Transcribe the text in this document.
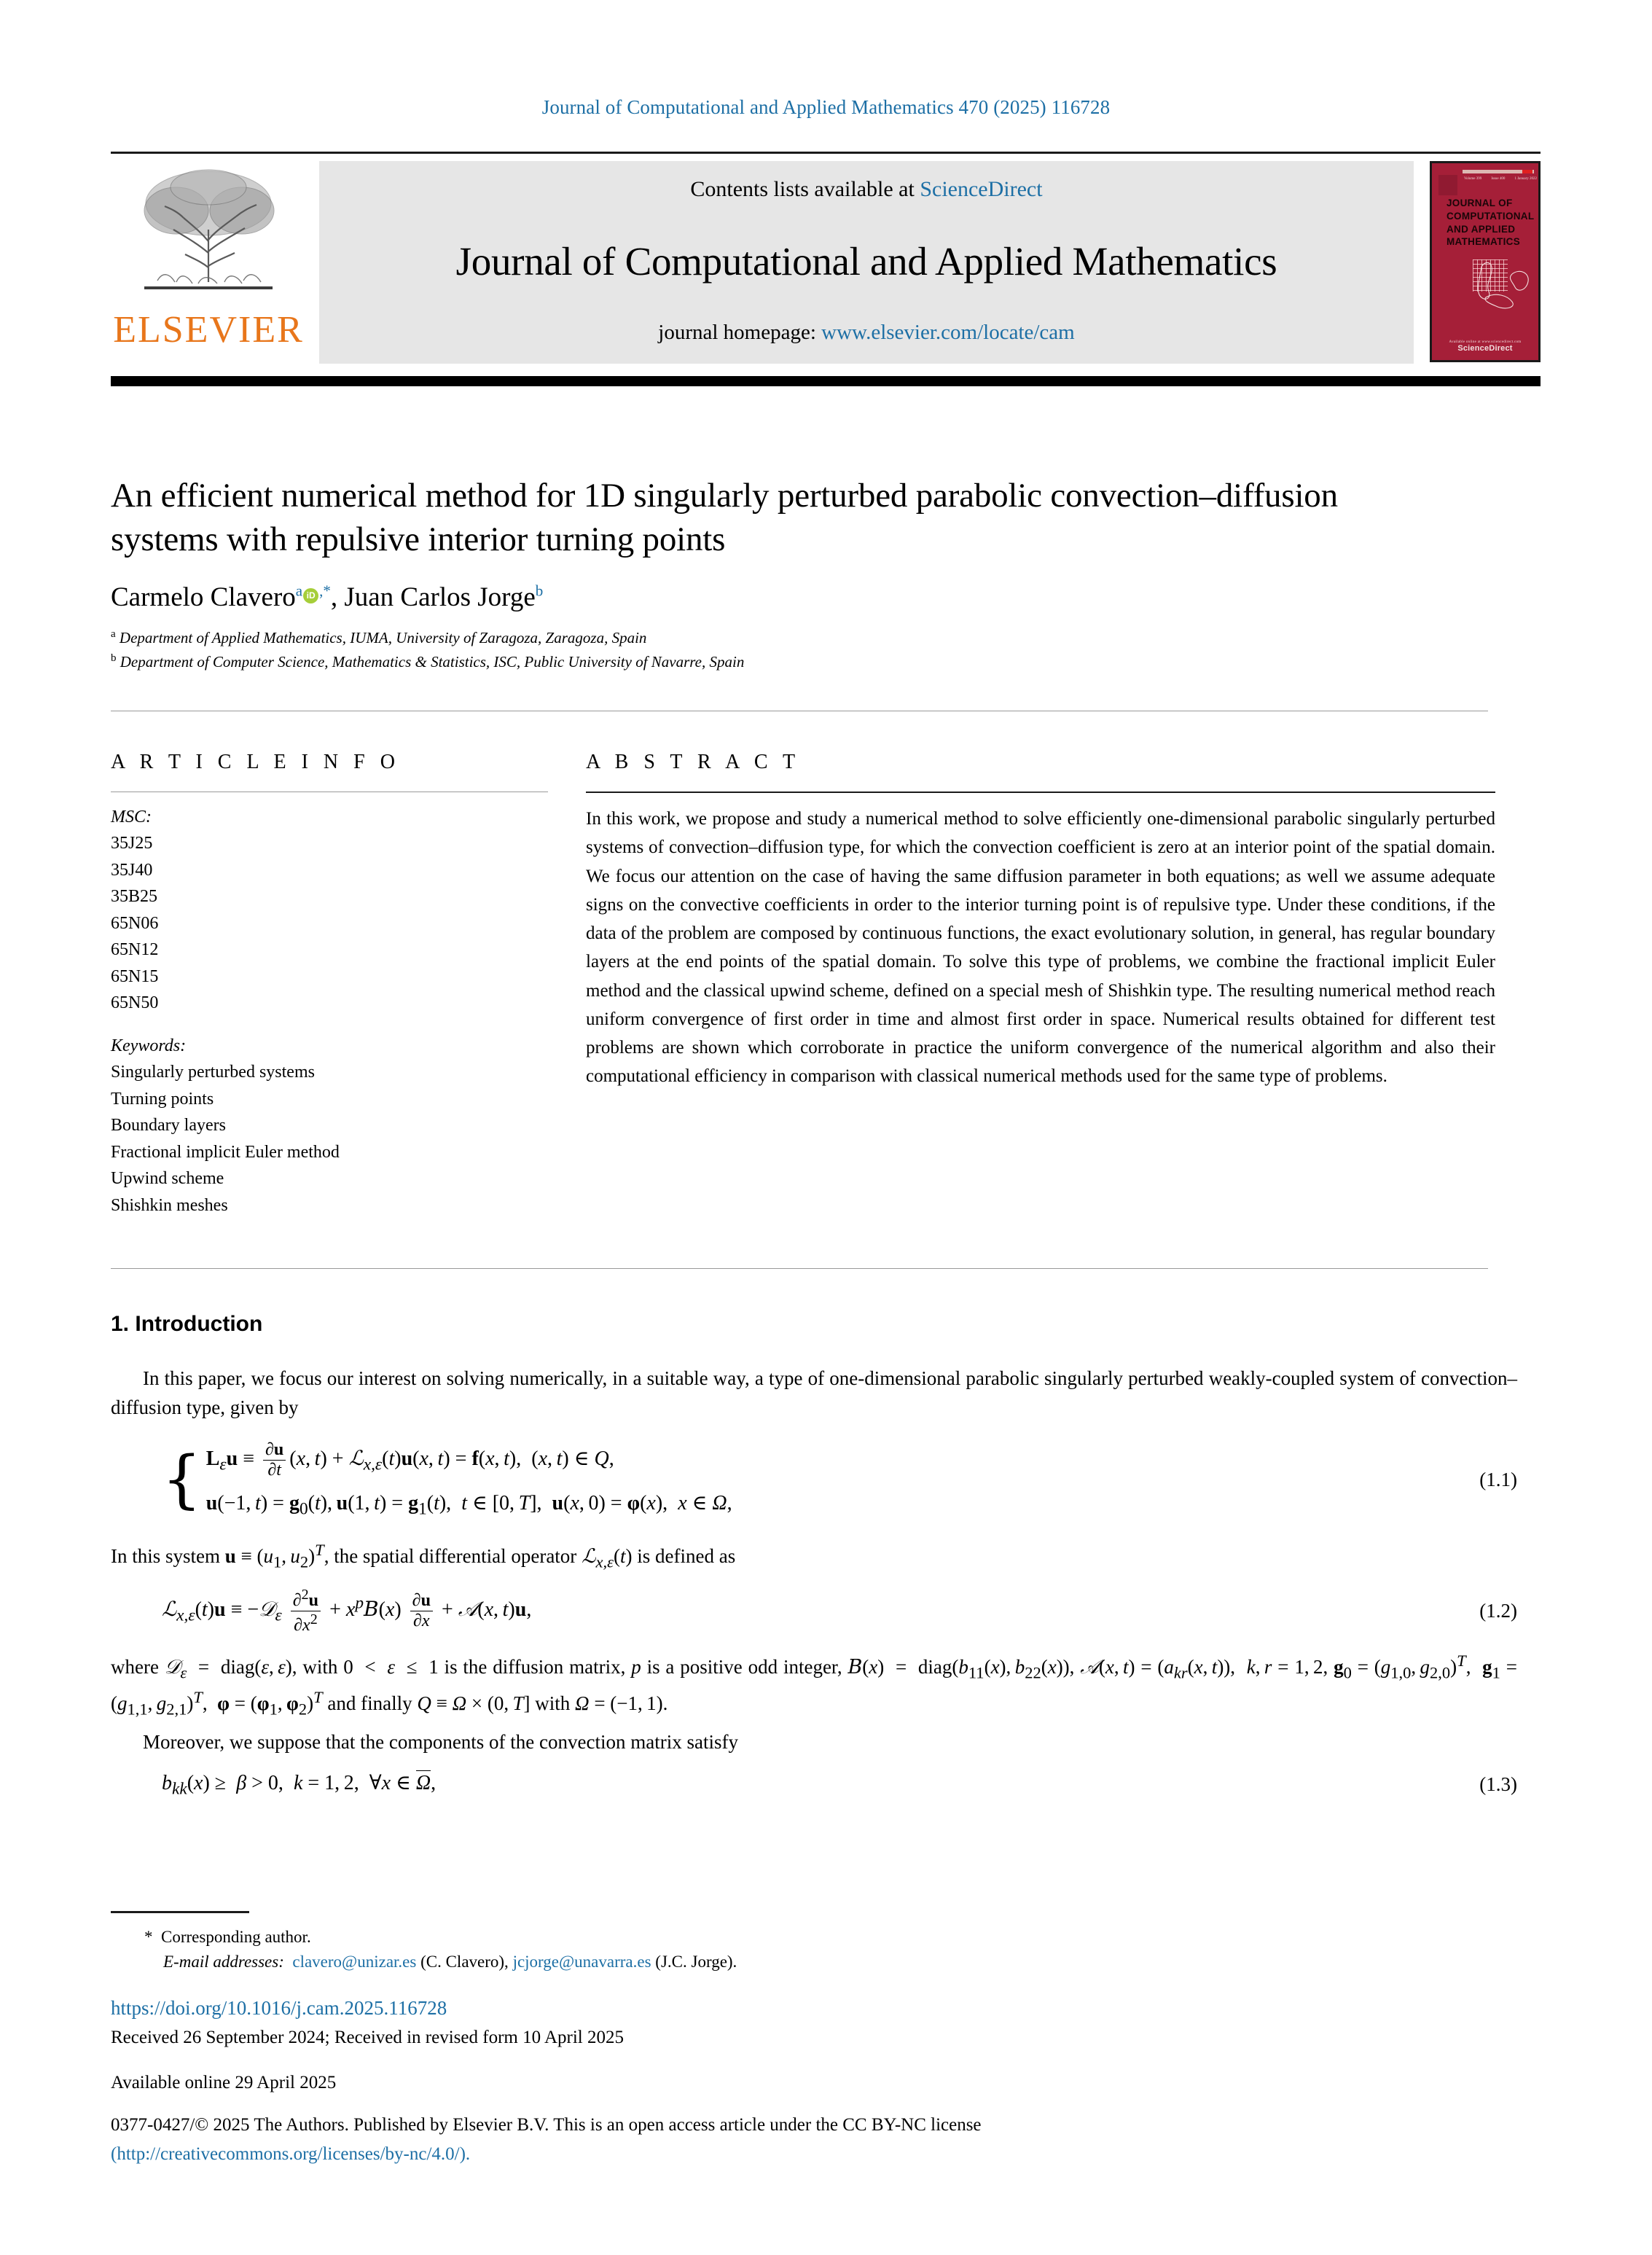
Journal of Computational and Applied Mathematics 470 (2025) 116728
ELSEVIER
Contents lists available at ScienceDirect
Journal of Computational and Applied Mathematics
journal homepage: www.elsevier.com/locate/cam
Volume 399	Issue 400	1 January 2022
JOURNAL OF COMPUTATIONAL AND APPLIED MATHEMATICS
Available online at www.sciencedirect.com
ScienceDirect
An efficient numerical method for 1D singularly perturbed parabolic convection–diffusion systems with repulsive interior turning points
Carmelo Clavero$^a$ iD ,*, Juan Carlos Jorge$^b$
$^a$ Department of Applied Mathematics, IUMA, University of Zaragoza, Zaragoza, Spain
$^b$ Department of Computer Science, Mathematics & Statistics, ISC, Public University of Navarre, Spain
A R T I C L E I N F O
MSC:
35J25
35J40
35B25
65N06
65N12
65N15
65N50
Keywords:
Singularly perturbed systems
Turning points
Boundary layers
Fractional implicit Euler method
Upwind scheme
Shishkin meshes
A B S T R A C T
In this work, we propose and study a numerical method to solve efficiently one-dimensional parabolic singularly perturbed systems of convection–diffusion type, for which the convection coefficient is zero at an interior point of the spatial domain. We focus our attention on the case of having the same diffusion parameter in both equations; as well we assume adequate signs on the convective coefficients in order to the interior turning point is of repulsive type. Under these conditions, if the data of the problem are composed by continuous functions, the exact evolutionary solution, in general, has regular boundary layers at the end points of the spatial domain. To solve this type of problems, we combine the fractional implicit Euler method and the classical upwind scheme, defined on a special mesh of Shishkin type. The resulting numerical method reach uniform convergence of first order in time and almost first order in space. Numerical results obtained for different test problems are shown which corroborate in practice the uniform convergence of the numerical algorithm and also their computational efficiency in comparison with classical numerical methods used for the same type of problems.
1. Introduction

In this paper, we focus our interest on solving numerically, in a suitable way, a type of one-dimensional parabolic singularly perturbed weakly-coupled system of convection–diffusion type, given by

{ $L_\varepsilon u \equiv \frac{\partial u}{\partial t} (x$, t) + ℒ$_{x,\varepsilon}$(t)u(x, t) = f(x, t),  (x, t) ∈ Q,
u(−1, $t) = g_0(t)$, u(1, $t) = g_1(t)$,  t ∈ [0, T],  u(x, 0) = φ(x),  x ∈ Ω,
(1.1)

In this system $u \equiv (u_1$, $u_2)^T$, the spatial differential operator ℒ$_{x,\varepsilon}$(t) is defined as

ℒ$_{x,\varepsilon}$(t)u ≡ −𝒟$_\varepsilon$ $\frac{\partial^2u}{\partial x^2}$ + $x^p𝐵(x) \frac{\partial u}{\partial x}$ + 𝒜(x, t)u,	(1.2)

where 𝒟$_\varepsilon$  =  diag(ε, ε), with 0  <  ε  ≤  1 is the diffusion matrix, p is a positive odd integer, 𝐵(x)  =  $diag(b_{11}(x)$, $b_{22}(x)$), 𝒜(x, $t) = (a_{kr}(x$, t)),  k, r = 1, 2, $g_0 = (g_{1,0}$, $g_{2,0})^T$,  $g_1 = (g_{1,1}$, $g_{2,1})^T$,  $\varphi = (\varphi_1$, $\varphi_2)^T$ and finally Q ≡ Ω × (0, T] with Ω = (−1, 1).

Moreover, we suppose that the components of the convection matrix satisfy

$b_{kk}(x) \ge \beta > 0$,  k = 1, 2,  ∀x ∈ Ω,	(1.3)
* Corresponding author.
E-mail addresses: clavero@unizar.es (C. Clavero), jcjorge@unavarra.es (J.C. Jorge).
https://doi.org/10.1016/j.cam.2025.116728
Received 26 September 2024; Received in revised form 10 April 2025
Available online 29 April 2025
0377-0427/© 2025 The Authors. Published by Elsevier B.V. This is an open access article under the CC BY-NC license
(http://creativecommons.org/licenses/by-nc/4.0/).
